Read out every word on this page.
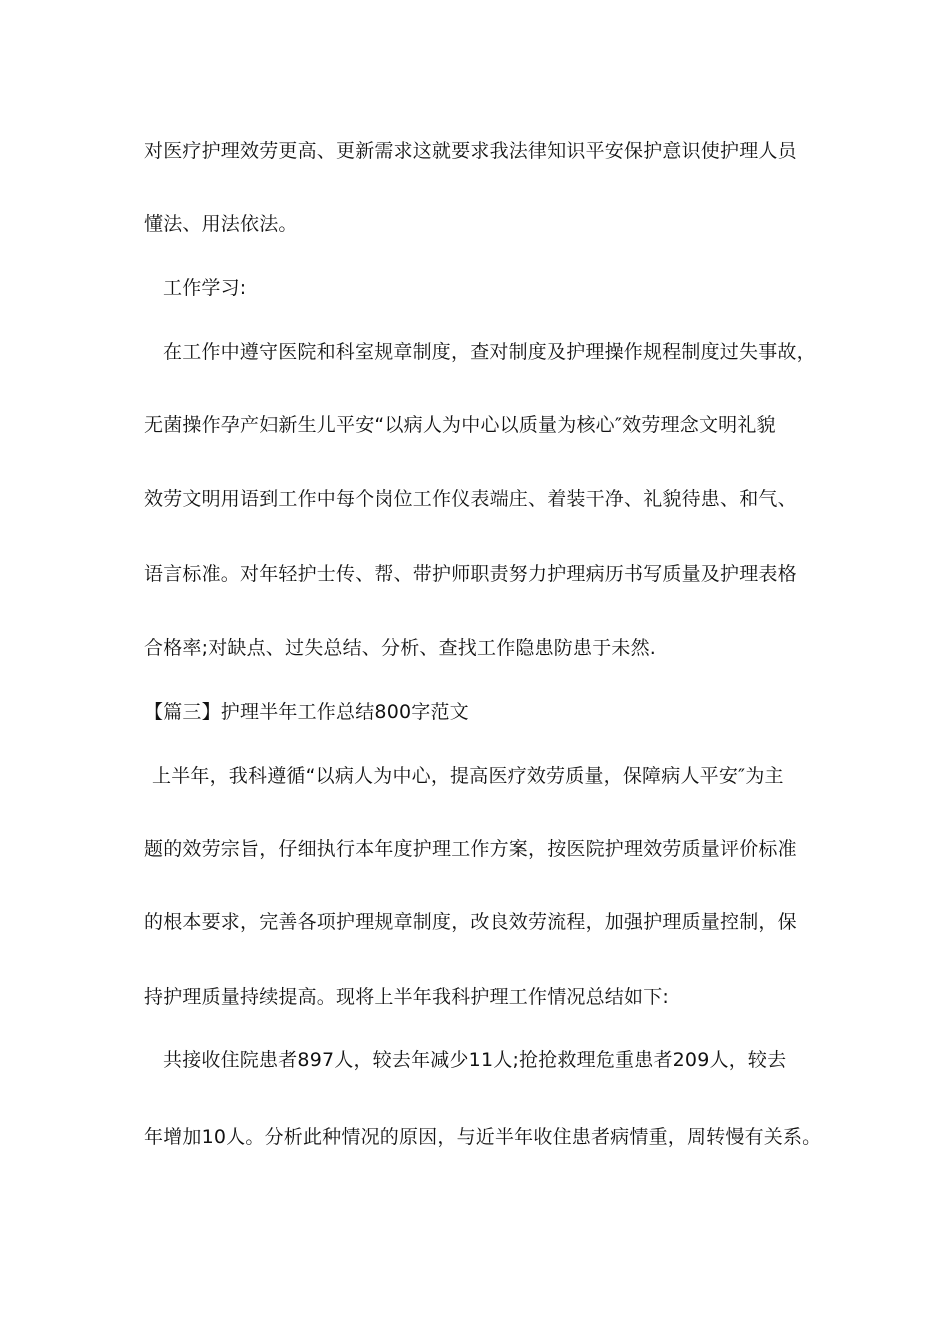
对医疗护理效劳更高、更新需求这就要求我法律知识平安保护意识使护理人员
懂法、用法依法。
工作学习:
在工作中遵守医院和科室规章制度，查对制度及护理操作规程制度过失事故，
无菌操作孕产妇新生儿平安“以病人为中心以质量为核心″效劳理念文明礼貌
效劳文明用语到工作中每个岗位工作仪表端庄、着装干净、礼貌待患、和气、
语言标准。对年轻护士传、帮、带护师职责努力护理病历书写质量及护理表格
合格率;对缺点、过失总结、分析、查找工作隐患防患于未然.
【篇三】护理半年工作总结800字范文
上半年，我科遵循“以病人为中心，提高医疗效劳质量，保障病人平安″为主
题的效劳宗旨，仔细执行本年度护理工作方案，按医院护理效劳质量评价标准
的根本要求，完善各项护理规章制度，改良效劳流程，加强护理质量控制，保
持护理质量持续提高。现将上半年我科护理工作情况总结如下:
共接收住院患者897人，较去年减少11人;抢抢救理危重患者209人，较去
年增加10人。分析此种情况的原因，与近半年收住患者病情重，周转慢有关系。
